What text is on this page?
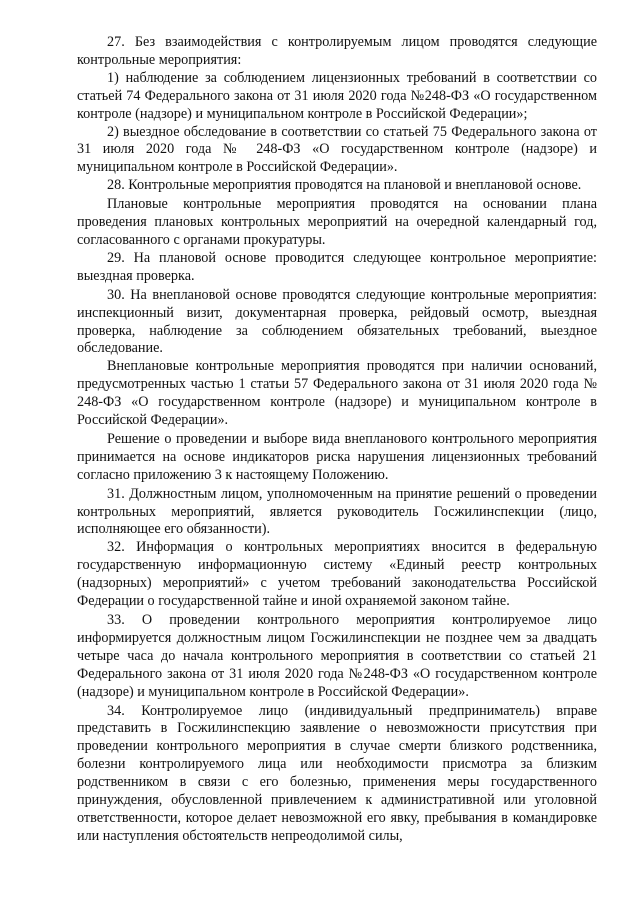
27. Без взаимодействия с контролируемым лицом проводятся следующие контрольные мероприятия:

1) наблюдение за соблюдением лицензионных требований в соответствии со статьей 74 Федерального закона от 31 июля 2020 года №248-ФЗ «О государственном контроле (надзоре) и муниципальном контроле в Российской Федерации»;

2) выездное обследование в соответствии со статьей 75 Федерального закона от 31 июля 2020 года № 248-ФЗ «О государственном контроле (надзоре) и муниципальном контроле в Российской Федерации».

28. Контрольные мероприятия проводятся на плановой и внеплановой основе.

Плановые контрольные мероприятия проводятся на основании плана проведения плановых контрольных мероприятий на очередной календарный год, согласованного с органами прокуратуры.

29. На плановой основе проводится следующее контрольное мероприятие: выездная проверка.

30. На внеплановой основе проводятся следующие контрольные мероприятия: инспекционный визит, документарная проверка, рейдовый осмотр, выездная проверка, наблюдение за соблюдением обязательных требований, выездное обследование.

Внеплановые контрольные мероприятия проводятся при наличии оснований, предусмотренных частью 1 статьи 57 Федерального закона от 31 июля 2020 года № 248-ФЗ «О государственном контроле (надзоре) и муниципальном контроле в Российской Федерации».

Решение о проведении и выборе вида внепланового контрольного мероприятия принимается на основе индикаторов риска нарушения лицензионных требований согласно приложению 3 к настоящему Положению.

31. Должностным лицом, уполномоченным на принятие решений о проведении контрольных мероприятий, является руководитель Госжилинспекции (лицо, исполняющее его обязанности).

32. Информация о контрольных мероприятиях вносится в федеральную государственную информационную систему «Единый реестр контрольных (надзорных) мероприятий» с учетом требований законодательства Российской Федерации о государственной тайне и иной охраняемой законом тайне.

33. О проведении контрольного мероприятия контролируемое лицо информируется должностным лицом Госжилинспекции не позднее чем за двадцать четыре часа до начала контрольного мероприятия в соответствии со статьей 21 Федерального закона от 31 июля 2020 года №248-ФЗ «О государственном контроле (надзоре) и муниципальном контроле в Российской Федерации».

34. Контролируемое лицо (индивидуальный предприниматель) вправе представить в Госжилинспекцию заявление о невозможности присутствия при проведении контрольного мероприятия в случае смерти близкого родственника, болезни контролируемого лица или необходимости присмотра за близким родственником в связи с его болезнью, применения меры государственного принуждения, обусловленной привлечением к административной или уголовной ответственности, которое делает невозможной его явку, пребывания в командировке или наступления обстоятельств непреодолимой силы,
